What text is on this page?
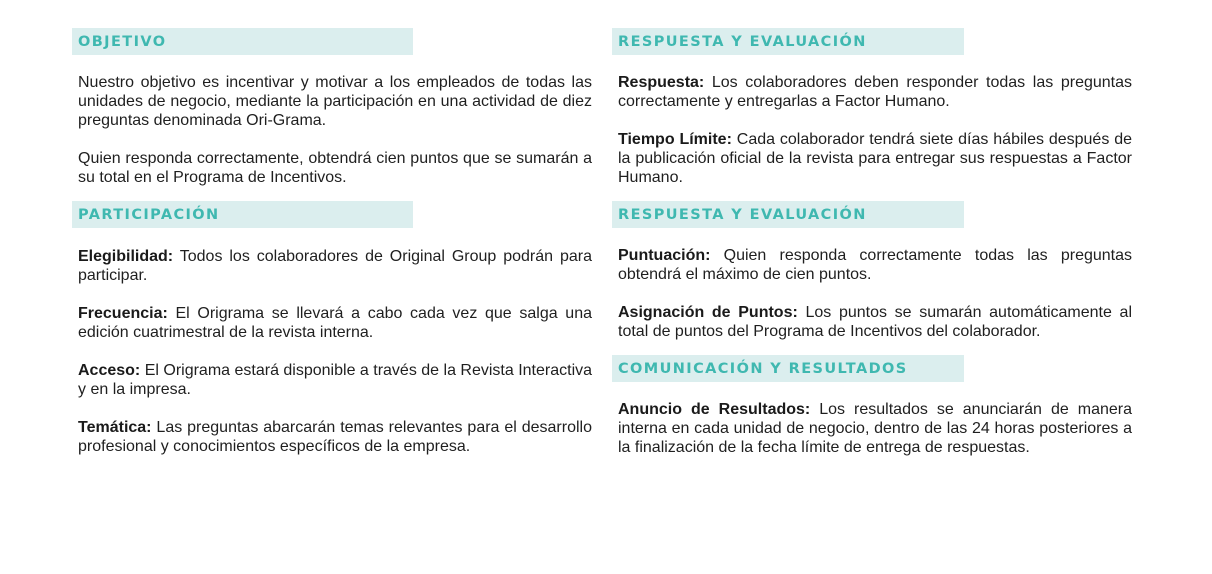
OBJETIVO
Nuestro objetivo es incentivar y motivar a los empleados de todas las unidades de negocio, mediante la participación en una actividad de diez preguntas denominada Ori-Grama.
Quien responda correctamente, obtendrá cien puntos que se sumarán a su total en el Programa de Incentivos.
PARTICIPACIÓN
Elegibilidad: Todos los colaboradores de Original Group podrán para participar.
Frecuencia: El Origrama se llevará a cabo cada vez que salga una edición cuatrimestral de la revista interna.
Acceso: El Origrama estará disponible a través de la Revista Interactiva y en la impresa.
Temática: Las preguntas abarcarán temas relevantes para el desarrollo profesional y conocimientos específicos de la empresa.
RESPUESTA Y EVALUACIÓN
Respuesta: Los colaboradores deben responder todas las preguntas correctamente y entregarlas a Factor Humano.
Tiempo Límite: Cada colaborador tendrá siete días hábiles después de la publicación oficial de la revista para entregar sus respuestas a Factor Humano.
RESPUESTA Y EVALUACIÓN
Puntuación: Quien responda correctamente todas las preguntas obtendrá el máximo de cien puntos.
Asignación de Puntos: Los puntos se sumarán automáticamente al total de puntos del Programa de Incentivos del colaborador.
COMUNICACIÓN Y RESULTADOS
Anuncio de Resultados: Los resultados se anunciarán de manera interna en cada unidad de negocio, dentro de las 24 horas posteriores a la finalización de la fecha límite de entrega de respuestas.
